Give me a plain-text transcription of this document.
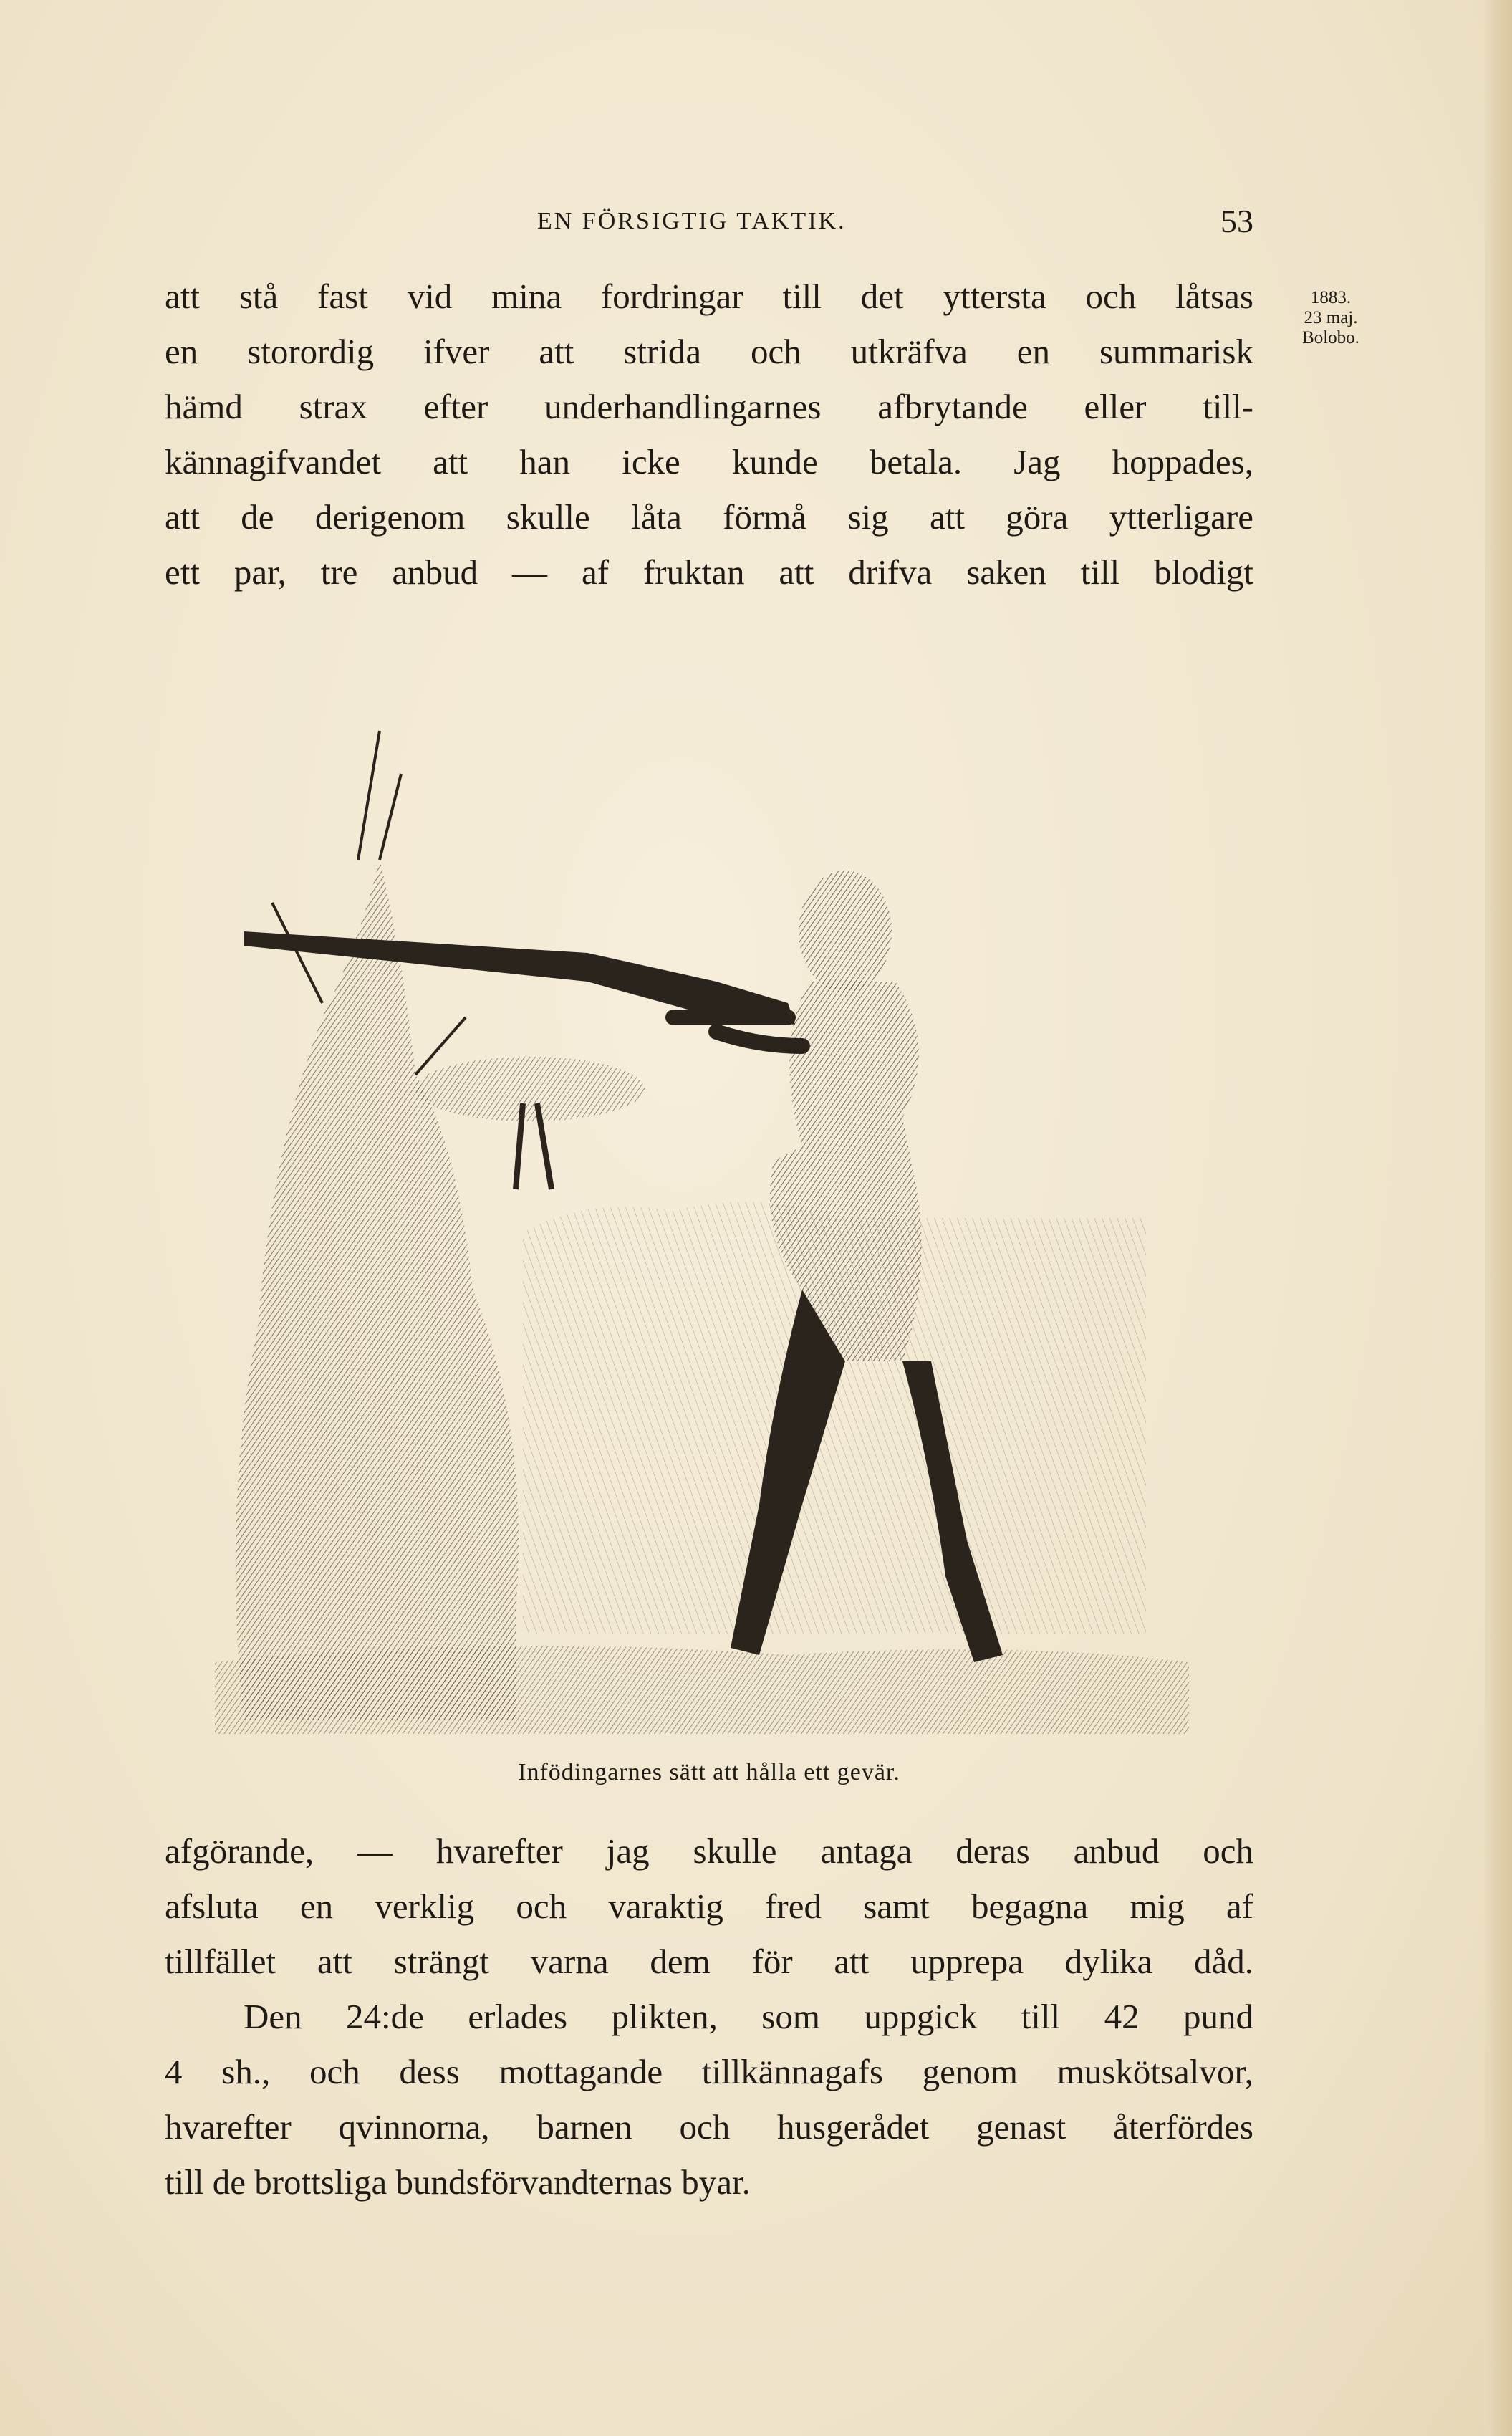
EN FÖRSIGTIG TAKTIK.	53
1883.
23 maj.
Bolobo.
att stå fast vid mina fordringar till det yttersta och låtsas
en storordig ifver att strida och utkräfva en summarisk
hämd strax efter underhandlingarnes afbrytande eller till-
kännagifvandet att han icke kunde betala. Jag hoppades,
att de derigenom skulle låta förmå sig att göra ytterligare
ett par, tre anbud — af fruktan att drifva saken till blodigt
Infödingarnes sätt att hålla ett gevär.
afgörande, — hvarefter jag skulle antaga deras anbud och
afsluta en verklig och varaktig fred samt begagna mig af
tillfället att strängt varna dem för att upprepa dylika dåd.
Den 24:de erlades plikten, som uppgick till 42 pund
4 sh., och dess mottagande tillkännagafs genom muskötsalvor,
hvarefter qvinnorna, barnen och husgerådet genast återfördes
till de brottsliga bundsförvandternas byar.
